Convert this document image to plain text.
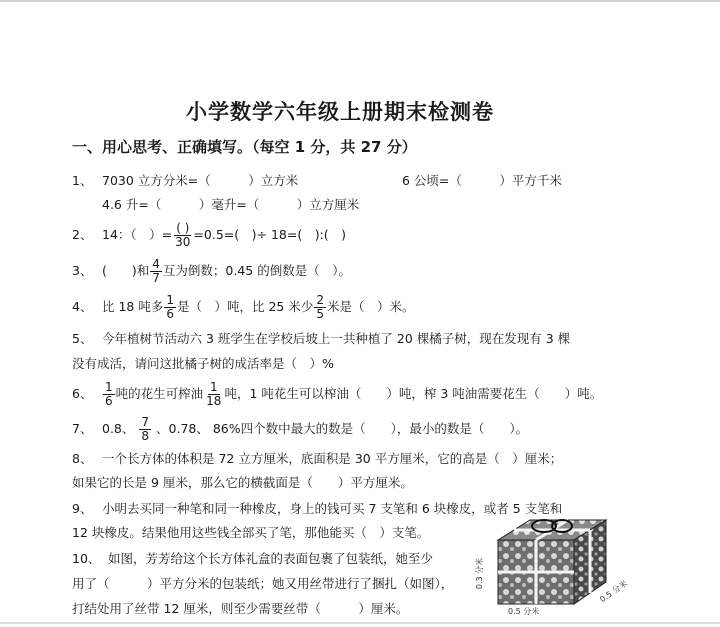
小学数学六年级上册期末检测卷
一、用心思考、正确填写。（每空 1 分，共 27 分）
1、 7030 立方分米=（　　　）立方米	6 公顷=（　　　）平方千米
4.6 升=（　　　）毫升=（　　　）立方厘米
2、 14：（　）= $\frac{( )}{30} =0.5=$(　)÷ 18=(　):(　)
3、 (　　)和 $\frac{4}{7}$ 互为倒数；0.45 的倒数是（　）。
4、 比 18 吨多 $\frac{1}{6}$ 是（　）吨，比 25 米少 $\frac{2}{5}$ 米是（　）米。
5、 今年植树节活动六 3 班学生在学校后坡上一共种植了 20 棵橘子树，现在发现有 3 棵
没有成活，请问这批橘子树的成活率是（　）%
6、 $\frac{1}{6}$ 吨的花生可榨油 $\frac{1}{18}$ 吨，1 吨花生可以榨油（　　）吨，榨 3 吨油需要花生（　　）吨。
7、 0.8、 $\frac{7}{8}$ 、0.78、 86%四个数中最大的数是（　　），最小的数是（　　）。
8、 一个长方体的体积是 72 立方厘米，底面积是 30 平方厘米，它的高是（　）厘米；
如果它的长是 9 厘米，那么它的横截面是（　　）平方厘米。
9、 小明去买同一种笔和同一种橡皮，身上的钱可买 7 支笔和 6 块橡皮，或者 5 支笔和
12 块橡皮。结果他用这些钱全部买了笔，那他能买（　）支笔。
10、 如图，芳芳给这个长方体礼盒的表面包裹了包装纸，她至少
用了（　　　）平方分米的包装纸；她又用丝带进行了捆扎（如图），
打结处用了丝带 12 厘米，则至少需要丝带（　　　）厘米。	0.5 分米
0.3 分米
0.5 分米
